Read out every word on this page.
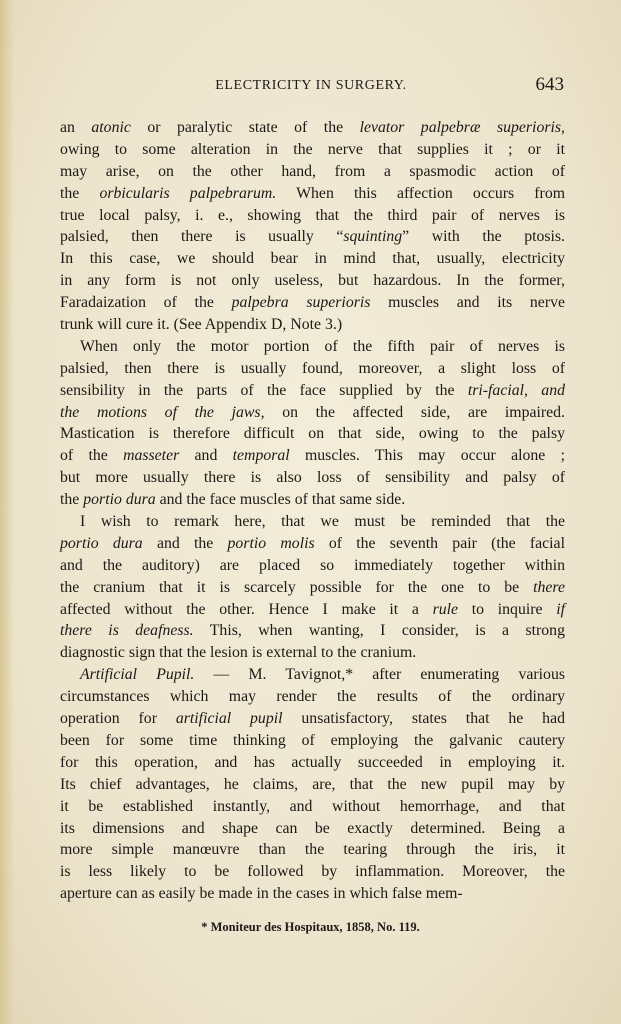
ELECTRICITY IN SURGERY.	643
an atonic or paralytic state of the levator palpebræ superioris,
owing to some alteration in the nerve that supplies it ; or it
may arise, on the other hand, from a spasmodic action of
the orbicularis palpebrarum. When this affection occurs from
true local palsy, i. e., showing that the third pair of nerves is
palsied, then there is usually “squinting” with the ptosis.
In this case, we should bear in mind that, usually, electricity
in any form is not only useless, but hazardous. In the former,
Faradaization of the palpebra superioris muscles and its nerve
trunk will cure it. (See Appendix D, Note 3.)
When only the motor portion of the fifth pair of nerves is
palsied, then there is usually found, moreover, a slight loss of
sensibility in the parts of the face supplied by the tri-facial, and
the motions of the jaws, on the affected side, are impaired.
Mastication is therefore difficult on that side, owing to the palsy
of the masseter and temporal muscles. This may occur alone ;
but more usually there is also loss of sensibility and palsy of
the portio dura and the face muscles of that same side.
I wish to remark here, that we must be reminded that the
portio dura and the portio molis of the seventh pair (the facial
and the auditory) are placed so immediately together within
the cranium that it is scarcely possible for the one to be there
affected without the other. Hence I make it a rule to inquire if
there is deafness. This, when wanting, I consider, is a strong
diagnostic sign that the lesion is external to the cranium.
Artificial Pupil. — M. Tavignot,* after enumerating various
circumstances which may render the results of the ordinary
operation for artificial pupil unsatisfactory, states that he had
been for some time thinking of employing the galvanic cautery
for this operation, and has actually succeeded in employing it.
Its chief advantages, he claims, are, that the new pupil may by
it be established instantly, and without hemorrhage, and that
its dimensions and shape can be exactly determined. Being a
more simple manœuvre than the tearing through the iris, it
is less likely to be followed by inflammation. Moreover, the
aperture can as easily be made in the cases in which false mem-
* Moniteur des Hospitaux, 1858, No. 119.
